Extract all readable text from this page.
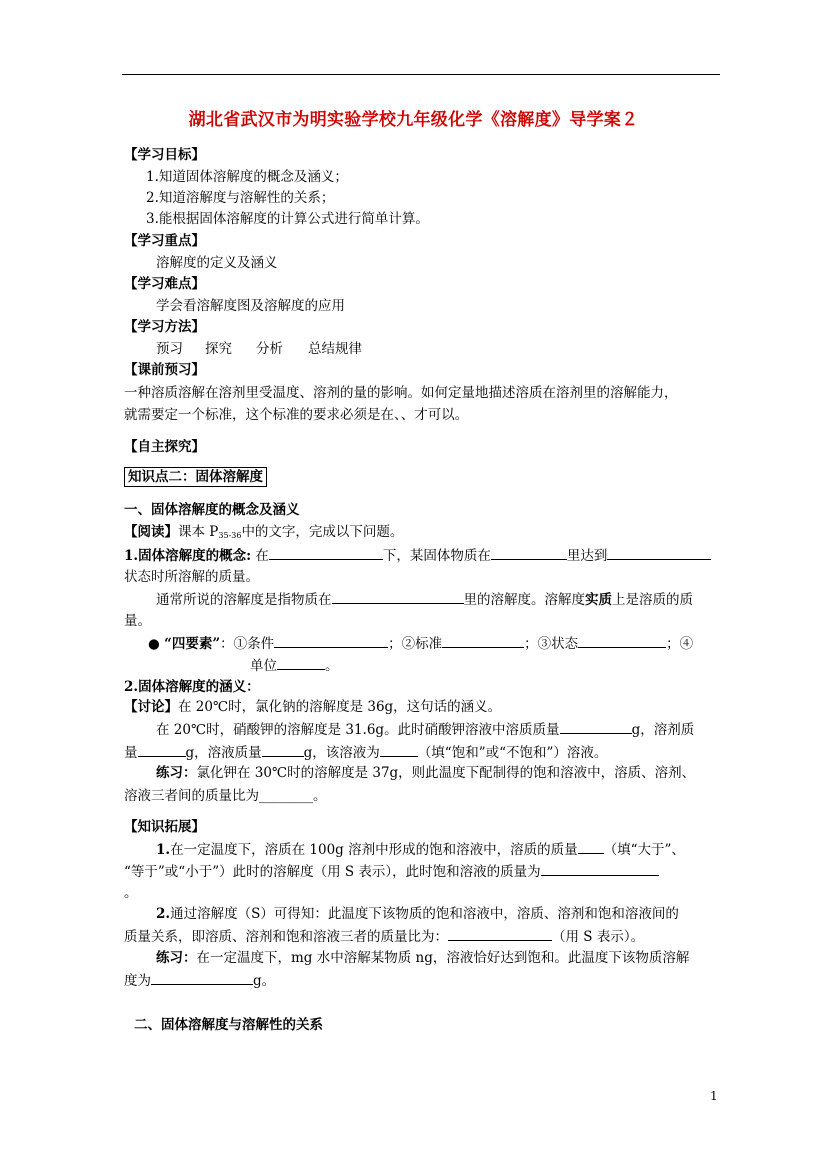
湖北省武汉市为明实验学校九年级化学《溶解度》导学案２
【学习目标】
1.知道固体溶解度的概念及涵义；
2.知道溶解度与溶解性的关系；
3.能根据固体溶解度的计算公式进行简单计算。
【学习重点】
溶解度的定义及涵义
【学习难点】
学会看溶解度图及溶解度的应用
【学习方法】
预习 探究 分析 总结规律
【课前预习】
一种溶质溶解在溶剂里受温度、溶剂的量的影响。如何定量地描述溶质在溶剂里的溶解能力，
就需要定一个标准，这个标准的要求必须是在、、才可以。
【自主探究】
知识点二：固体溶解度
一、固体溶解度的概念及涵义
【阅读】课本 $P_{35-36}$中的文字，完成以下问题。
1.固体溶解度的概念: 在	下，某固体物质在	里达到
状态时所溶解的质量。
通常所说的溶解度是指物质在	里的溶解度。溶解度实质上是溶质的质
量。
● “四要素”：①条件	；②标准	；③状态	；④
单位	。
2.固体溶解度的涵义：
【讨论】在 20℃时，氯化钠的溶解度是 36g，这句话的涵义。
在 20℃时，硝酸钾的溶解度是 31.6g。此时硝酸钾溶液中溶质质量	g，溶剂质
量	g，溶液质量	g，该溶液为	（填“饱和”或“不饱和”）溶液。
练习：氯化钾在 30℃时的溶解度是 37g，则此温度下配制得的饱和溶液中，溶质、溶剂、
溶液三者间的质量比为________。
【知识拓展】
1.在一定温度下，溶质在 100g 溶剂中形成的饱和溶液中，溶质的质量 （填“大于”、
“等于”或“小于”）此时的溶解度（用 S 表示），此时饱和溶液的质量为
。
2.通过溶解度（S）可得知：此温度下该物质的饱和溶液中，溶质、溶剂和饱和溶液间的
质量关系，即溶质、溶剂和饱和溶液三者的质量比为：	（用 S 表示）。
练习：在一定温度下，mg 水中溶解某物质 ng，溶液恰好达到饱和。此温度下该物质溶解
度为	g。
二、固体溶解度与溶解性的关系
1
